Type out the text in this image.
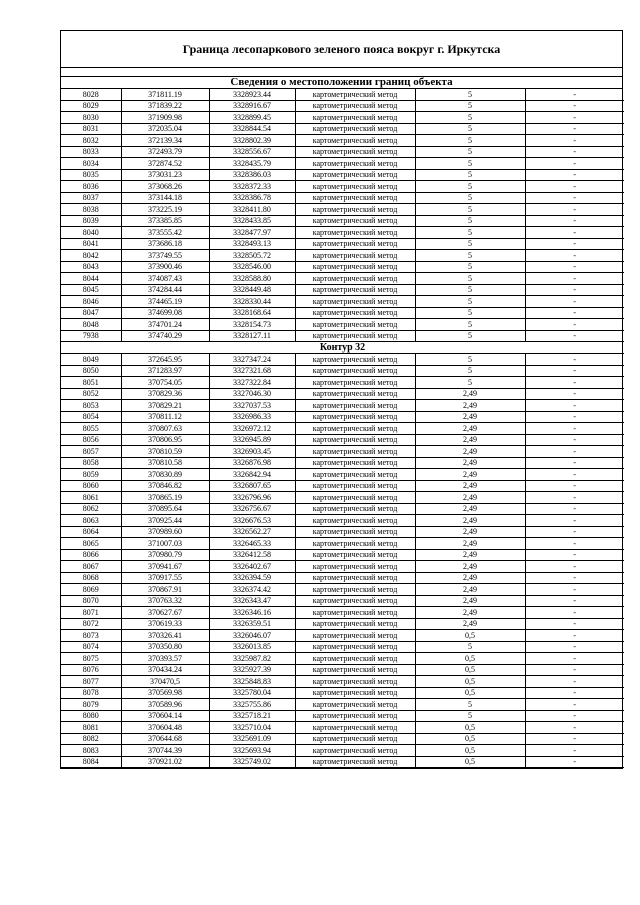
Граница лесопаркового зеленого пояса вокруг г. Иркутска
Сведения о местоположении границ объекта
8028	371811.19	3328923.44	картометрический метод	5	-
8029	371839.22	3328916.67	картометрический метод	5	-
8030	371909.98	3328899.45	картометрический метод	5	-
8031	372035.04	3328844.54	картометрический метод	5	-
8032	372139.34	3328802.39	картометрический метод	5	-
8033	372493.79	3328556.67	картометрический метод	5	-
8034	372874.52	3328435.79	картометрический метод	5	-
8035	373031.23	3328386.03	картометрический метод	5	-
8036	373068.26	3328372.33	картометрический метод	5	-
8037	373144.18	3328386.78	картометрический метод	5	-
8038	373225.19	3328411.80	картометрический метод	5	-
8039	373385.85	3328433.85	картометрический метод	5	-
8040	373555.42	3328477.97	картометрический метод	5	-
8041	373686.18	3328493.13	картометрический метод	5	-
8042	373749.55	3328505.72	картометрический метод	5	-
8043	373900.46	3328546.00	картометрический метод	5	-
8044	374087.43	3328588.80	картометрический метод	5	-
8045	374284.44	3328449.48	картометрический метод	5	-
8046	374465.19	3328330.44	картометрический метод	5	-
8047	374699.08	3328168.64	картометрический метод	5	-
8048	374701.24	3328154.73	картометрический метод	5	-
7938	374740.29	3328127.11	картометрический метод	5	-
Контур 32					
8049	372645.95	3327347.24	картометрический метод	5	-
8050	371283.97	3327321.68	картометрический метод	5	-
8051	370754.05	3327322.84	картометрический метод	5	-
8052	370829.36	3327046.30	картометрический метод	2,49	-
8053	370829.21	3327037.53	картометрический метод	2,49	-
8054	370811.12	3326986.33	картометрический метод	2,49	-
8055	370807.63	3326972.12	картометрический метод	2,49	-
8056	370806.95	3326945.89	картометрический метод	2,49	-
8057	370810.59	3326903.45	картометрический метод	2,49	-
8058	370810.58	3326876.98	картометрический метод	2,49	-
8059	370830.89	3326842.94	картометрический метод	2,49	-
8060	370846.82	3326807.65	картометрический метод	2,49	-
8061	370865.19	3326796.96	картометрический метод	2,49	-
8062	370895.64	3326756.67	картометрический метод	2,49	-
8063	370925.44	3326676.53	картометрический метод	2,49	-
8064	370989.60	3326562.27	картометрический метод	2,49	-
8065	371007.03	3326465.33	картометрический метод	2,49	-
8066	370980.79	3326412.58	картометрический метод	2,49	-
8067	370941.67	3326402.67	картометрический метод	2,49	-
8068	370917.55	3326394.59	картометрический метод	2,49	-
8069	370867.91	3326374.42	картометрический метод	2,49	-
8070	370763.32	3326343.47	картометрический метод	2,49	-
8071	370627.67	3326346.16	картометрический метод	2,49	-
8072	370619.33	3326359.51	картометрический метод	2,49	-
8073	370326.41	3326046.07	картометрический метод	0,5	-
8074	370350.80	3326013.85	картометрический метод	5	-
8075	370393.57	3325987.82	картометрический метод	0,5	-
8076	370434.24	3325927.39	картометрический метод	0,5	-
8077	370470,5	3325848.83	картометрический метод	0,5	-
8078	370569.98	3325780.04	картометрический метод	0,5	-
8079	370589.96	3325755.86	картометрический метод	5	-
8080	370604.14	3325718.21	картометрический метод	5	-
8081	370604.48	3325710.04	картометрический метод	0,5	-
8082	370644.68	3325691.09	картометрический метод	0,5	-
8083	370744.39	3325693.94	картометрический метод	0,5	-
8084	370921.02	3325749.02	картометрический метод	0,5	-
